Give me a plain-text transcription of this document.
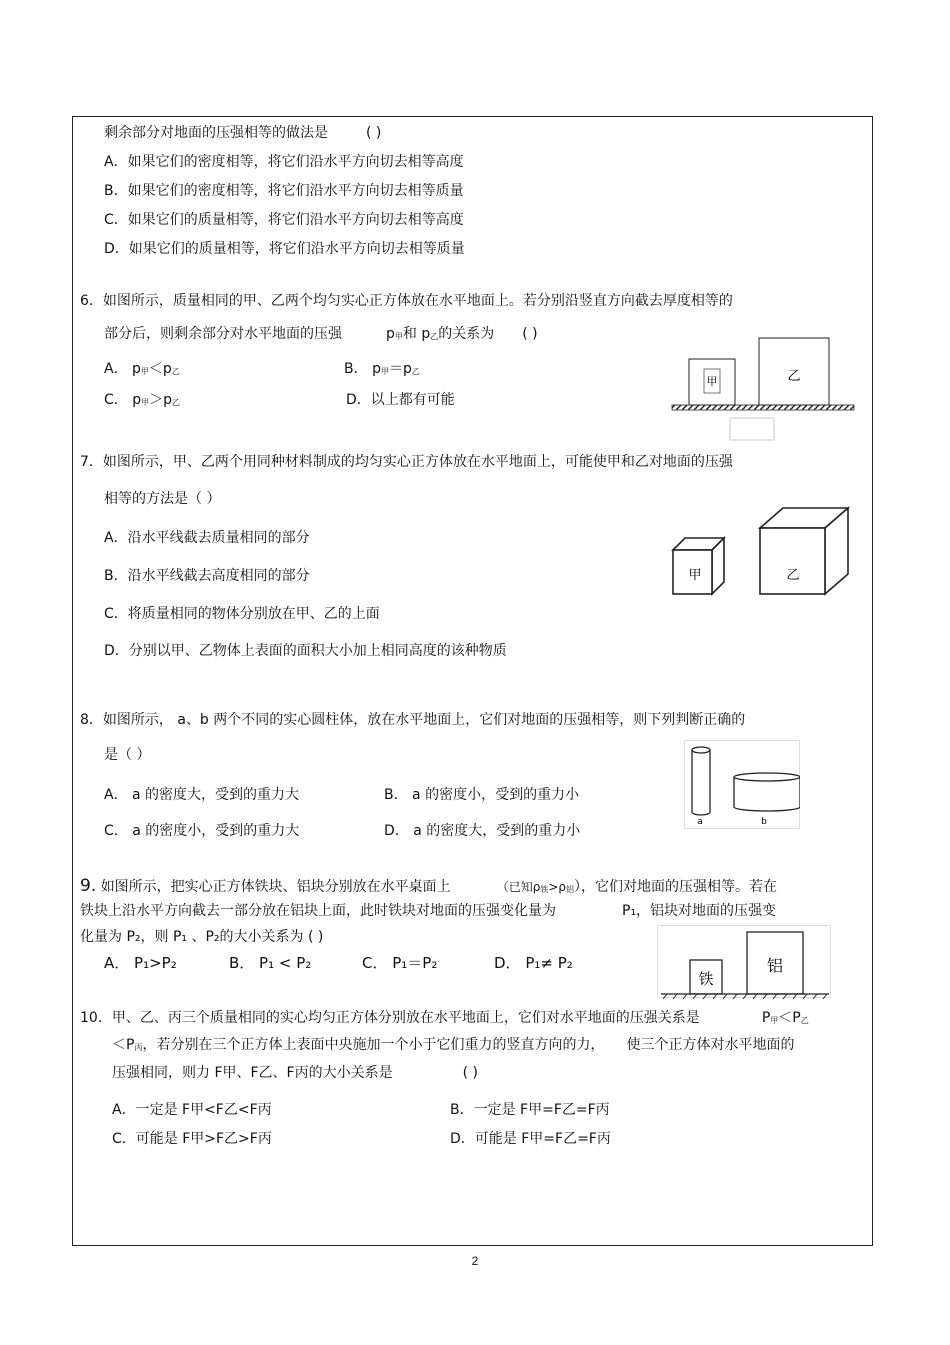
剩余部分对地面的压强相等的做法是	( )
A．如果它们的密度相等，将它们沿水平方向切去相等高度
B．如果它们的密度相等，将它们沿水平方向切去相等质量
C．如果它们的质量相等，将它们沿水平方向切去相等高度
D．如果它们的质量相等，将它们沿水平方向切去相等质量
6．如图所示，质量相同的甲、乙两个均匀实心正方体放在水平地面上。若分别沿竖直方向截去厚度相等的
部分后，则剩余部分对水平地面的压强	p甲和 p乙的关系为 ( )
A． p甲＜p乙	B． p甲＝p乙
C． p甲＞p乙	D．以上都有可能
甲	乙
7．如图所示，甲、乙两个用同种材料制成的均匀实心正方体放在水平地面上，可能使甲和乙对地面的压强
相等的方法是（ ）
A．沿水平线截去质量相同的部分
B．沿水平线截去高度相同的部分
C．将质量相同的物体分别放在甲、乙的上面
D．分别以甲、乙物体上表面的面积大小加上相同高度的该种物质
甲	乙
8．如图所示， a、b 两个不同的实心圆柱体，放在水平地面上，它们对地面的压强相等，则下列判断正确的
是（ ）
A． a 的密度大，受到的重力大	B． a 的密度小，受到的重力小
C． a 的密度小，受到的重力大	D． a 的密度大，受到的重力小
a	b
9. 如图所示，把实心正方体铁块、铝块分别放在水平桌面上	（已知ρ铁>ρ铝），它们对地面的压强相等。若在
铁块上沿水平方向截去一部分放在铝块上面，此时铁块对地面的压强变化量为	P₁，铝块对地面的压强变
化量为 P₂，则 P₁ 、P₂的大小关系为 ( )
A． P₁>P₂	B． P₁ < P₂	C． P₁＝P₂	D． P₁≠ P₂
铁
铝
10．甲、乙、丙三个质量相同的实心均匀正方体分别放在水平地面上，它们对水平地面的压强关系是	P甲＜P乙
＜P丙，若分别在三个正方体上表面中央施加一个小于它们重力的竖直方向的力， 使三个正方体对水平地面的
压强相同，则力 F甲、F乙、F丙的大小关系是	( )
A．一定是 F甲<F乙<F丙	B．一定是 F甲=F乙=F丙
C．可能是 F甲>F乙>F丙	D．可能是 F甲=F乙=F丙
2
